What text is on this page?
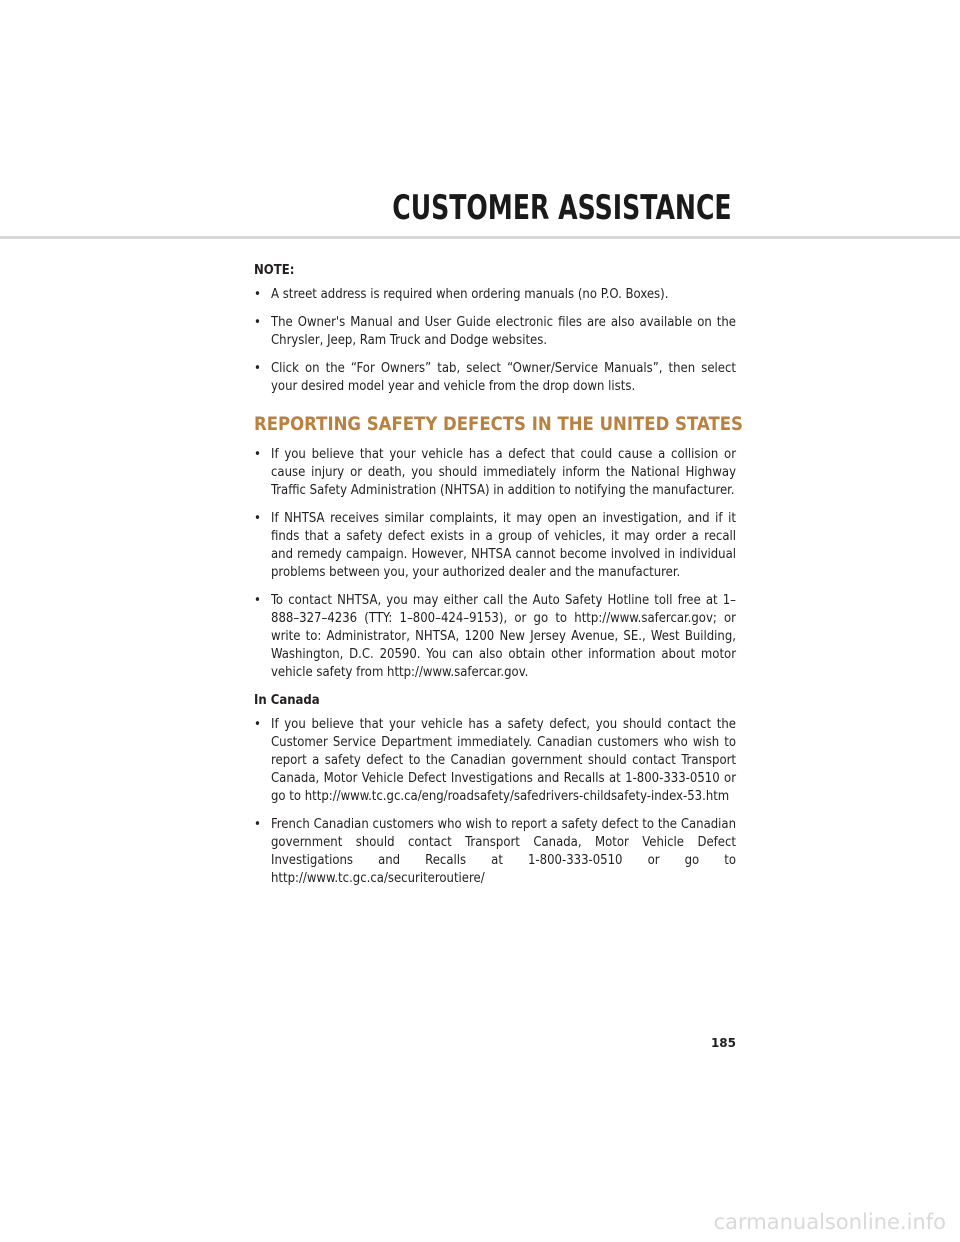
CUSTOMER ASSISTANCE
NOTE:
• A street address is required when ordering manuals (no P.O. Boxes).
• The Owner's Manual and User Guide electronic files are also available on the Chrysler, Jeep, Ram Truck and Dodge websites.
• Click on the “For Owners” tab, select “Owner/Service Manuals”, then select your desired model year and vehicle from the drop down lists.
REPORTING SAFETY DEFECTS IN THE UNITED STATES
• If you believe that your vehicle has a defect that could cause a collision or cause injury or death, you should immediately inform the National Highway Traffic Safety Administration (NHTSA) in addition to notifying the manufacturer.
• If NHTSA receives similar complaints, it may open an investigation, and if it finds that a safety defect exists in a group of vehicles, it may order a recall and remedy campaign. However, NHTSA cannot become involved in individual problems between you, your authorized dealer and the manufacturer.
• To contact NHTSA, you may either call the Auto Safety Hotline toll free at 1–888–327–4236 (TTY: 1–800–424–9153), or go to http://www.safercar.gov; or write to: Administrator, NHTSA, 1200 New Jersey Avenue, SE., West Building, Washington, D.C. 20590. You can also obtain other information about motor vehicle safety from http://www.safercar.gov.
In Canada
• If you believe that your vehicle has a safety defect, you should contact the Customer Service Department immediately. Canadian customers who wish to report a safety defect to the Canadian government should contact Transport Canada, Motor Vehicle Defect Investigations and Recalls at 1-800-333-0510 or go to http://www.tc.gc.ca/eng/roadsafety/safedrivers-childsafety-index-53.htm
• French Canadian customers who wish to report a safety defect to the Canadian government should contact Transport Canada, Motor Vehicle Defect Investigations and Recalls at 1-800-333-0510 or go to http://www.tc.gc.ca/securiteroutiere/
185
carmanualsonline.info
